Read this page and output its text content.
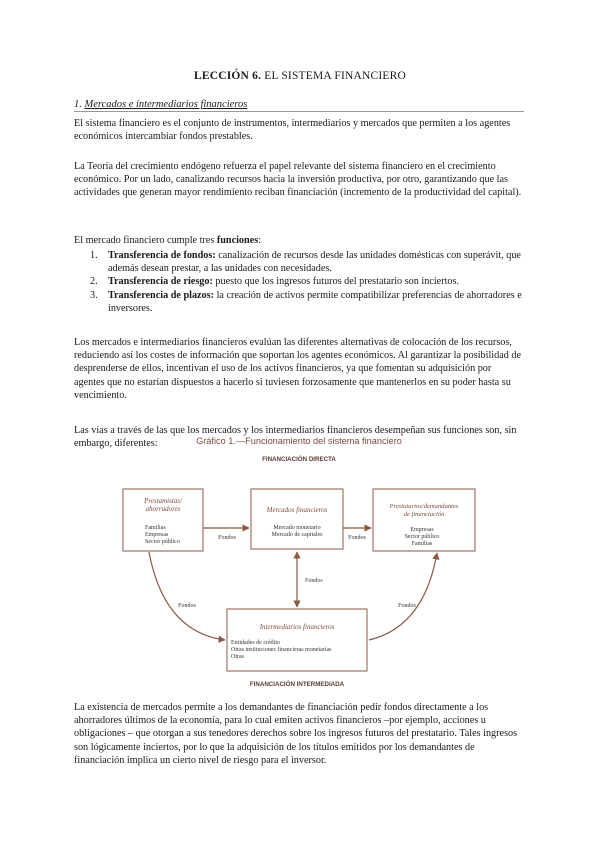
LECCIÓN 6. EL SISTEMA FINANCIERO
1. Mercados e intermediarios financieros

El sistema financiero es el conjunto de instrumentos, intermediarios y mercados que permiten a los agentes económicos intercambiar fondos prestables.

La Teoría del crecimiento endógeno refuerza el papel relevante del sistema financiero en el crecimiento económico. Por un lado, canalizando recursos hacia la inversión productiva, por otro, garantizando que las actividades que generan mayor rendimiento reciban financiación (incremento de la productividad del capital).

El mercado financiero cumple tres funciones:

1. Transferencia de fondos: canalización de recursos desde las unidades domésticas con superávit, que además desean prestar, a las unidades con necesidades.
2. Transferencia de riesgo: puesto que los ingresos futuros del prestatario son inciertos.
3. Transferencia de plazos: la creación de activos permite compatibilizar preferencias de ahorradores e inversores.

Los mercados e intermediarios financieros evalúan las diferentes alternativas de colocación de los recursos, reduciendo así los costes de información que soportan los agentes económicos. Al garantizar la posibilidad de desprenderse de ellos, incentivan el uso de los activos financieros, ya que fomentan su adquisición por agentes que no estarían dispuestos a hacerlo si tuviesen forzosamente que mantenerlos en su poder hasta su vencimiento.

Las vías a través de las que los mercados y los intermediarios financieros desempeñan sus funciones son, sin embargo, diferentes:	Gráfico 1.—Funcionamiento del sistema financiero
FINANCIACIÓN DIRECTA
Prestamistas/
ahorradores
Familias
Empresas
Sector público
Mercados financieros
Mercado monetario
Mercado de capitales
Prestatarios/demandantes
de financiación
Empresas
Sector público
Familias
Intermediarios financieros
Entidades de crédito
Otras instituciones financieras monetarias
Otras
Fondos	Fondos
Fondos
Fondos	Fondos
FINANCIACIÓN INTERMEDIADA

La existencia de mercados permite a los demandantes de financiación pedir fondos directamente a los ahorradores últimos de la economía, para lo cual emiten activos financieros –por ejemplo, acciones u obligaciones – que otorgan a sus tenedores derechos sobre los ingresos futuros del prestatario. Tales ingresos son lógicamente inciertos, por lo que la adquisición de los títulos emitidos por los demandantes de financiación implica un cierto nivel de riesgo para el inversor.
